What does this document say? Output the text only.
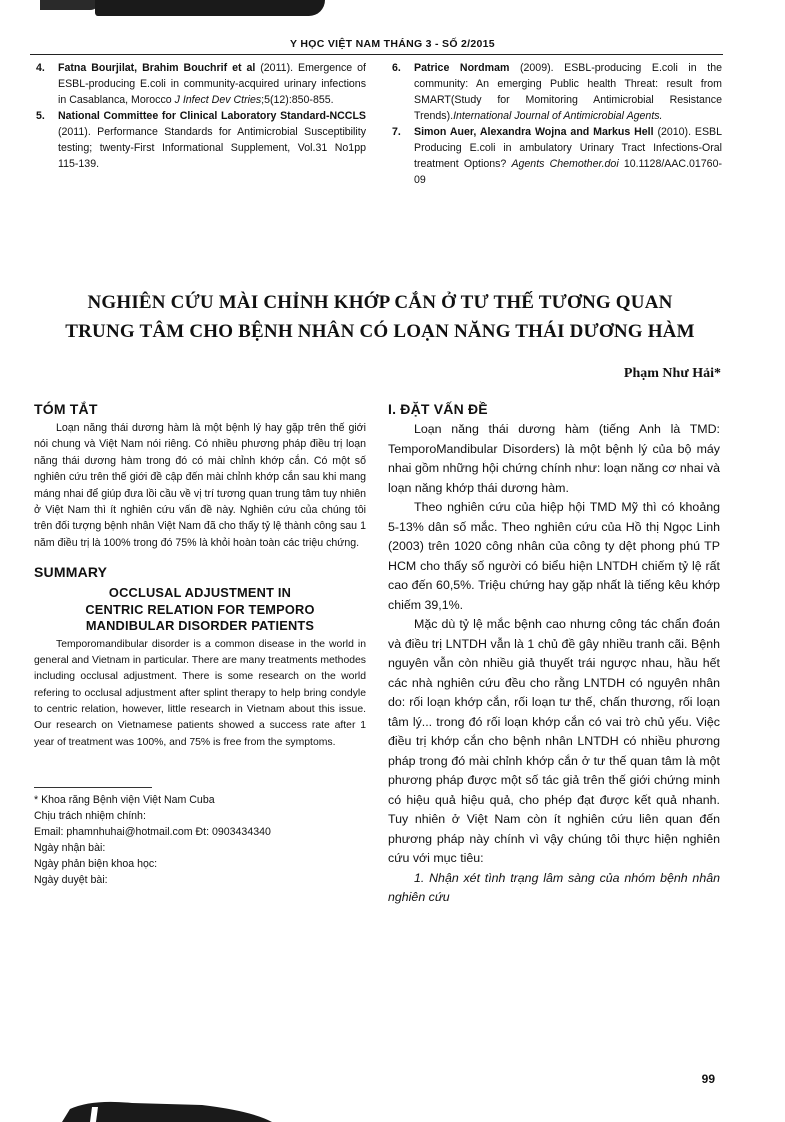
Y HỌC VIỆT NAM THÁNG 3 - SỐ 2/2015
4. Fatna Bourjilat, Brahim Bouchrif et al (2011). Emergence of ESBL-producing E.coli in community-acquired urinary infections in Casablanca, Morocco J Infect Dev Ctries;5(12):850-855.
5. National Committee for Clinical Laboratory Standard-NCCLS (2011). Performance Standards for Antimicrobial Susceptibility testing; twenty-First Informational Supplement, Vol.31 No1pp 115-139.
6. Patrice Nordmam (2009). ESBL-producing E.coli in the community: An emerging Public health Threat: result from SMART(Study for Momitoring Antimicrobial Resistance Trends).International Journal of Antimicrobial Agents.
7. Simon Auer, Alexandra Wojna and Markus Hell (2010). ESBL Producing E.coli in ambulatory Urinary Tract Infections-Oral treatment Options? Agents Chemother.doi 10.1128/AAC.01760-09
NGHIÊN CỨU MÀI CHỈNH KHỚP CẮN Ở TƯ THẾ TƯƠNG QUAN
TRUNG TÂM CHO BỆNH NHÂN CÓ LOẠN NĂNG THÁI DƯƠNG HÀM
Phạm Như Hải*
TÓM TẮT

Loạn năng thái dương hàm là một bệnh lý hay gặp trên thế giới nói chung và Việt Nam nói riêng. Có nhiều phương pháp điều trị loạn năng thái dương hàm trong đó có mài chỉnh khớp cắn. Có một số nghiên cứu trên thế giới đề cập đến mài chỉnh khớp cắn sau khi mang máng nhai để giúp đưa lồi cầu về vị trí tương quan trung tâm tuy nhiên ở Việt Nam thì ít nghiên cứu vấn đề này. Nghiên cứu của chúng tôi trên đối tượng bệnh nhân Việt Nam đã cho thấy tỷ lệ thành công sau 1 năm điều trị là 100% trong đó 75% là khỏi hoàn toàn các triệu chứng.

SUMMARY
OCCLUSAL ADJUSTMENT IN
CENTRIC RELATION FOR TEMPORO
MANDIBULAR DISORDER PATIENTS

Temporomandibular disorder is a common disease in the world in general and Vietnam in particular. There are many treatments methodes including occlusal adjustment. There is some research on the world refering to occlusal adjustment after splint therapy to help bring condyle to centric relation, however, little research in Vietnam about this issue. Our research on Vietnamese patients showed a success rate after 1 year of treatment was 100%, and 75% is free from the symptoms.

* Khoa răng Bệnh viện Việt Nam Cuba
Chịu trách nhiệm chính:
Email: phamnhuhai@hotmail.com Đt: 0903434340
Ngày nhận bài:
Ngày phản biện khoa học:
Ngày duyệt bài:
I. ĐẶT VẤN ĐỀ

Loạn năng thái dương hàm (tiếng Anh là TMD: TemporoMandibular Disorders) là một bệnh lý của bộ máy nhai gồm những hội chứng chính như: loạn năng cơ nhai và loạn năng khớp thái dương hàm.

Theo nghiên cứu của hiệp hội TMD Mỹ thì có khoảng 5-13% dân số mắc. Theo nghiên cứu của Hồ thị Ngọc Linh (2003) trên 1020 công nhân của công ty dệt phong phú TP HCM cho thấy số người có biểu hiện LNTDH chiếm tỷ lệ rất cao đến 60,5%. Triệu chứng hay gặp nhất là tiếng kêu khớp chiếm 39,1%.

Mặc dù tỷ lệ mắc bệnh cao nhưng công tác chẩn đoán và điều trị LNTDH vẫn là 1 chủ đề gây nhiều tranh cãi. Bệnh nguyên vẫn còn nhiều giả thuyết trái ngược nhau, hầu hết các nhà nghiên cứu đều cho rằng LNTDH có nguyên nhân do: rối loạn khớp cắn, rối loạn tư thế, chấn thương, rối loạn tâm lý... trong đó rối loạn khớp cắn có vai trò chủ yếu. Việc điều trị khớp cắn cho bệnh nhân LNTDH có nhiều phương pháp trong đó mài chỉnh khớp cắn ở tư thế quan tâm là một phương pháp được một số tác giả trên thế giới chứng minh có hiệu quả hiệu quả, cho phép đạt được kết quả nhanh. Tuy nhiên ở Việt Nam còn ít nghiên cứu liên quan đến phương pháp này chính vì vậy chúng tôi thực hiện nghiên cứu với mục tiêu:

1. Nhận xét tình trạng lâm sàng của nhóm bệnh nhân nghiên cứu

99
